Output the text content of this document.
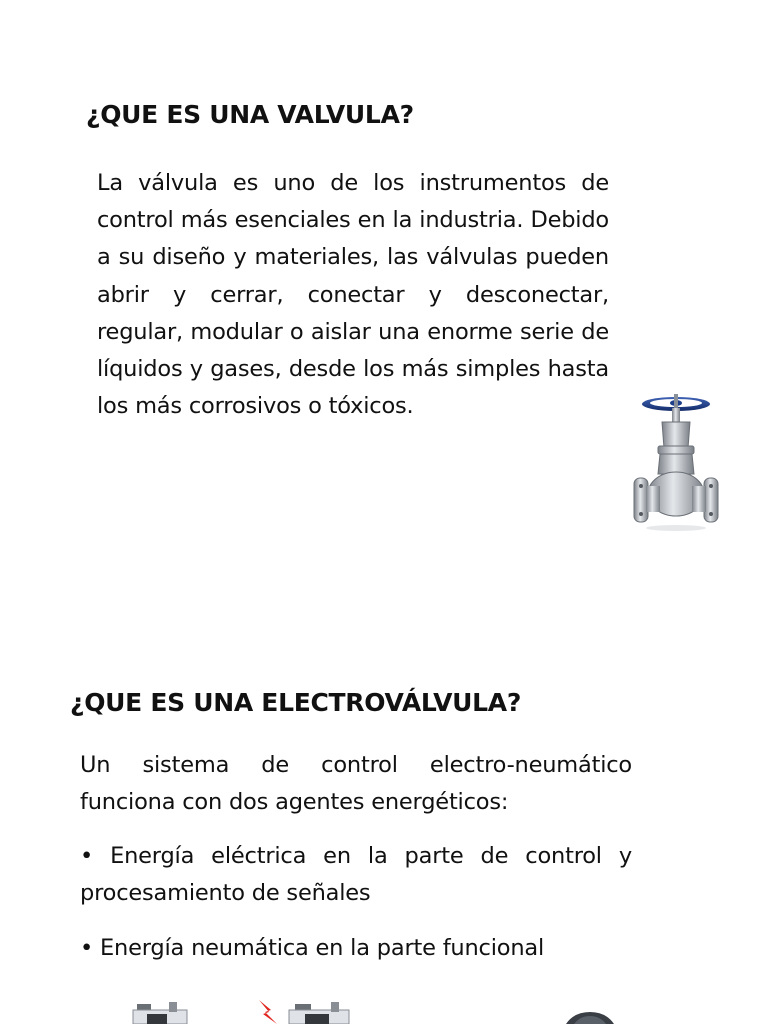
¿QUE ES UNA VALVULA?

La válvula es uno de los instrumentos de control más esenciales en la industria. Debido a su diseño y materiales, las válvulas pueden abrir y cerrar, conectar y desconectar, regular, modular o aislar una enorme serie de líquidos y gases, desde los más simples hasta los más corrosivos o tóxicos.

¿QUE ES UNA ELECTROVÁLVULA?

Un sistema de control electro-neumático funciona con dos agentes energéticos:

• Energía eléctrica en la parte de control y procesamiento de señales

• Energía neumática en la parte funcional
